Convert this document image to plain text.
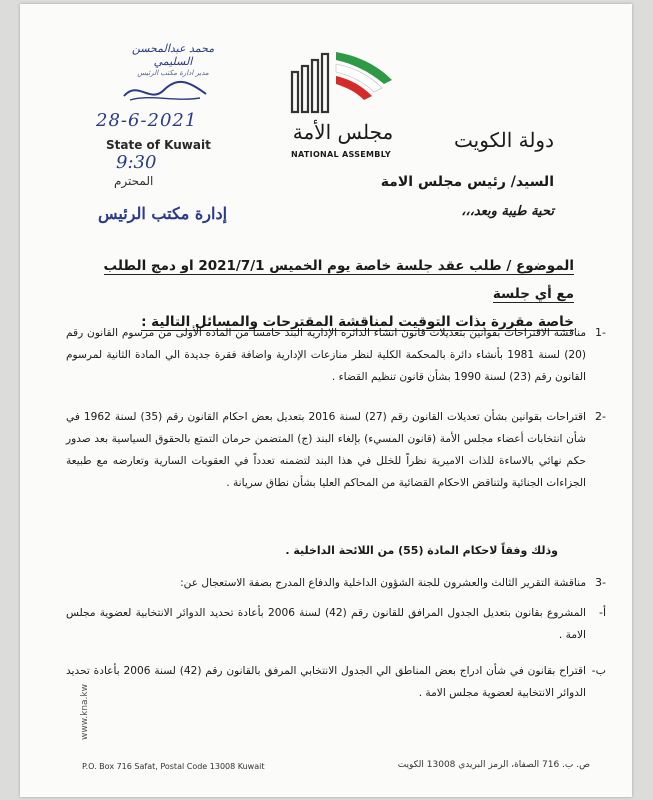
محمد عبدالمحسن السليمي
مدير ادارة مكتب الرئيس
28-6-2021
State of Kuwait
9:30
المحترم
إدارة مكتب الرئيس
مجلس الأمة
NATIONAL ASSEMBLY
دولة الكويت
السيد/ رئيس مجلس الامة
تحية طيبة وبعد،،،
الموضوع / طلب عقد جلسة خاصة يوم الخميس 2021/7/1 او دمج الطلب مع أي جلسة
خاصة مقررة بذات التوقيت لمناقشة المقترحات والمسائل التالية :
-1
مناقشة الاقتراحات بقوانين بتعديلات قانون انشاء الدائرة الإدارية البند خامساً من المادة الأولى من مرسوم القانون رقم (20) لسنة 1981 بأنشاء دائرة بالمحكمة الكلية لنظر منازعات الإدارية واضافة فقرة جديدة الي المادة الثانية لمرسوم القانون رقم (23) لسنة 1990 بشأن قانون تنظيم القضاء .
-2
اقتراحات بقوانين بشأن تعديلات القانون رقم (27) لسنة 2016 بتعديل بعض احكام القانون رقم (35) لسنة 1962 في شأن انتخابات أعضاء مجلس الأمة (قانون المسيء) بإلغاء البند (ج) المتضمن حرمان التمتع بالحقوق السياسية بعد صدور حكم نهائي بالاساءة للذات الاميرية نظراً للخلل في هذا البند لتضمنه تعدداً في العقوبات السارية وتعارضه مع طبيعة الجزاءات الجنائية ولتناقض الاحكام القضائية من المحاكم العليا بشأن نطاق سريانة .
وذلك وفقاً لاحكام المادة (55) من اللائحة الداخلية .
-3
مناقشة التقرير الثالث والعشرون للجنة الشؤون الداخلية والدفاع المدرج بصفة الاستعجال عن:
أ-
المشروع بقانون بتعديل الجدول المرافق للقانون رقم (42) لسنة 2006 بأعادة تحديد الدوائر الانتخابية لعضوية مجلس الامة .
ب-
اقتراح بقانون في شأن ادراج بعض المناطق الي الجدول الانتخابي المرفق بالقانون رقم (42) لسنة 2006 بأعادة تحديد الدوائر الانتخابية لعضوية مجلس الامة .
www.kna.kw
P.O. Box 716 Safat, Postal Code 13008 Kuwait	ص. ب. 716 الصفاة، الرمز البريدي 13008 الكويت
